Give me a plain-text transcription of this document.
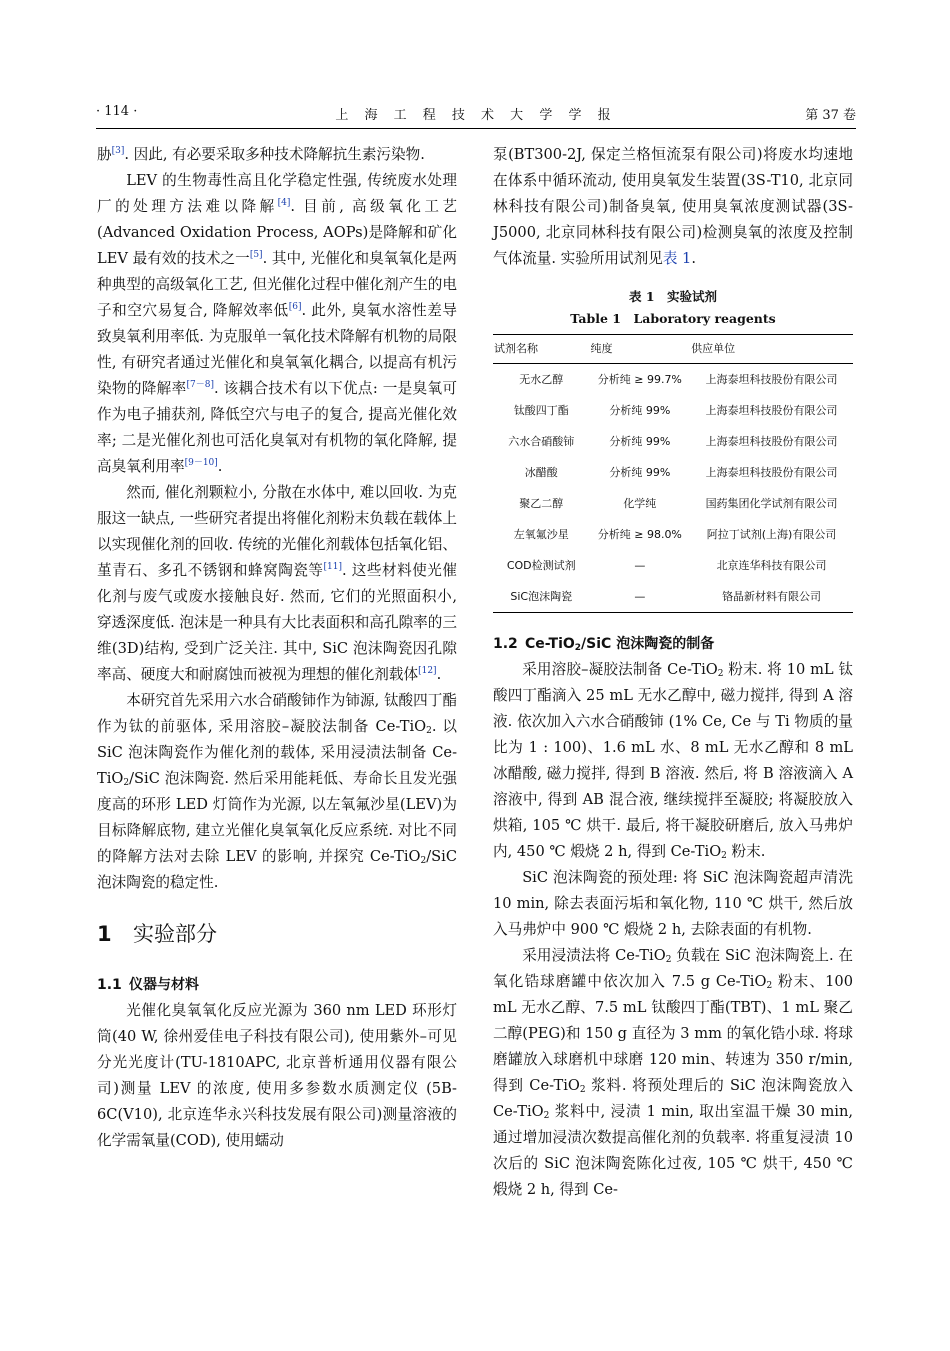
上 海 工 程 技 术 大 学 学 报
· 114 ·	第 37 卷

胁[3]. 因此, 有必要采取多种技术降解抗生素污染物.

LEV 的生物毒性高且化学稳定性强, 传统废水处理厂的处理方法难以降解[4]. 目前, 高级氧化工艺(Advanced Oxidation Process, AOPs)是降解和矿化 LEV 最有效的技术之一[5]. 其中, 光催化和臭氧氧化是两种典型的高级氧化工艺, 但光催化过程中催化剂产生的电子和空穴易复合, 降解效率低[6]. 此外, 臭氧水溶性差导致臭氧利用率低. 为克服单一氧化技术降解有机物的局限性, 有研究者通过光催化和臭氧氧化耦合, 以提高有机污染物的降解率[7－8]. 该耦合技术有以下优点: 一是臭氧可作为电子捕获剂, 降低空穴与电子的复合, 提高光催化效率; 二是光催化剂也可活化臭氧对有机物的氧化降解, 提高臭氧利用率[9－10].

然而, 催化剂颗粒小, 分散在水体中, 难以回收. 为克服这一缺点, 一些研究者提出将催化剂粉末负载在载体上以实现催化剂的回收. 传统的光催化剂载体包括氧化铝、堇青石、多孔不锈钢和蜂窝陶瓷等[11]. 这些材料使光催化剂与废气或废水接触良好. 然而, 它们的光照面积小, 穿透深度低. 泡沫是一种具有大比表面积和高孔隙率的三维(3D)结构, 受到广泛关注. 其中, SiC 泡沫陶瓷因孔隙率高、硬度大和耐腐蚀而被视为理想的催化剂载体[12].

本研究首先采用六水合硝酸铈作为铈源, 钛酸四丁酯作为钛的前驱体, 采用溶胶–凝胶法制备 Ce-TiO$_2$. 以 SiC 泡沫陶瓷作为催化剂的载体, 采用浸渍法制备 Ce-TiO$_2$/SiC 泡沫陶瓷. 然后采用能耗低、寿命长且发光强度高的环形 LED 灯筒作为光源, 以左氧氟沙星(LEV)为目标降解底物, 建立光催化臭氧氧化反应系统. 对比不同的降解方法对去除 LEV 的影响, 并探究 Ce-TiO$_2$/SiC 泡沫陶瓷的稳定性.

1 实验部分
1.1 仪器与材料

光催化臭氧氧化反应光源为 360 nm LED 环形灯筒(40 W, 徐州爱佳电子科技有限公司), 使用紫外–可见分光光度计(TU-1810APC, 北京普析通用仪器有限公司)测量 LEV 的浓度, 使用多参数水质测定仪 (5B-6C(V10), 北京连华永兴科技发展有限公司)测量溶液的化学需氧量(COD), 使用蠕动

泵(BT300-2J, 保定兰格恒流泵有限公司)将废水均速地在体系中循环流动, 使用臭氧发生装置(3S-T10, 北京同林科技有限公司)制备臭氧, 使用臭氧浓度测试器(3S-J5000, 北京同林科技有限公司)检测臭氧的浓度及控制气体流量. 实验所用试剂见表 1.

表 1　实验试剂
Table 1　Laboratory reagents
试剂名称	纯度	供应单位
无水乙醇	分析纯 ≥ 99.7%	上海泰坦科技股份有限公司
钛酸四丁酯	分析纯 99%	上海泰坦科技股份有限公司
六水合硝酸铈	分析纯 99%	上海泰坦科技股份有限公司
冰醋酸	分析纯 99%	上海泰坦科技股份有限公司
聚乙二醇	化学纯	国药集团化学试剂有限公司
左氧氟沙星	分析纯 ≥ 98.0%	阿拉丁试剂(上海)有限公司
COD检测试剂	—	北京连华科技有限公司
SiC泡沫陶瓷	—	铬晶新材料有限公司
1.2 Ce-TiO$_2$/SiC 泡沫陶瓷的制备

采用溶胶–凝胶法制备 Ce-TiO$_2$ 粉末. 将 10 mL 钛酸四丁酯滴入 25 mL 无水乙醇中, 磁力搅拌, 得到 A 溶液. 依次加入六水合硝酸铈 (1% Ce, Ce 与 Ti 物质的量比为 1 : 100)、1.6 mL 水、8 mL 无水乙醇和 8 mL 冰醋酸, 磁力搅拌, 得到 B 溶液. 然后, 将 B 溶液滴入 A 溶液中, 得到 AB 混合液, 继续搅拌至凝胶; 将凝胶放入烘箱, 105 ℃ 烘干. 最后, 将干凝胶研磨后, 放入马弗炉内, 450 ℃ 煅烧 2 h, 得到 Ce-TiO$_2$ 粉末.

SiC 泡沫陶瓷的预处理: 将 SiC 泡沫陶瓷超声清洗 10 min, 除去表面污垢和氧化物, 110 ℃ 烘干, 然后放入马弗炉中 900 ℃ 煅烧 2 h, 去除表面的有机物.

采用浸渍法将 Ce-TiO$_2$ 负载在 SiC 泡沫陶瓷上. 在氧化锆球磨罐中依次加入 7.5 g Ce-TiO$_2$ 粉末、100 mL 无水乙醇、7.5 mL 钛酸四丁酯(TBT)、1 mL 聚乙二醇(PEG)和 150 g 直径为 3 mm 的氧化锆小球. 将球磨罐放入球磨机中球磨 120 min、转速为 350 r/min, 得到 Ce-TiO$_2$ 浆料. 将预处理后的 SiC 泡沫陶瓷放入 Ce-TiO$_2$ 浆料中, 浸渍 1 min, 取出室温干燥 30 min, 通过增加浸渍次数提高催化剂的负载率. 将重复浸渍 10 次后的 SiC 泡沫陶瓷陈化过夜, 105 ℃ 烘干, 450 ℃ 煅烧 2 h, 得到 Ce-
